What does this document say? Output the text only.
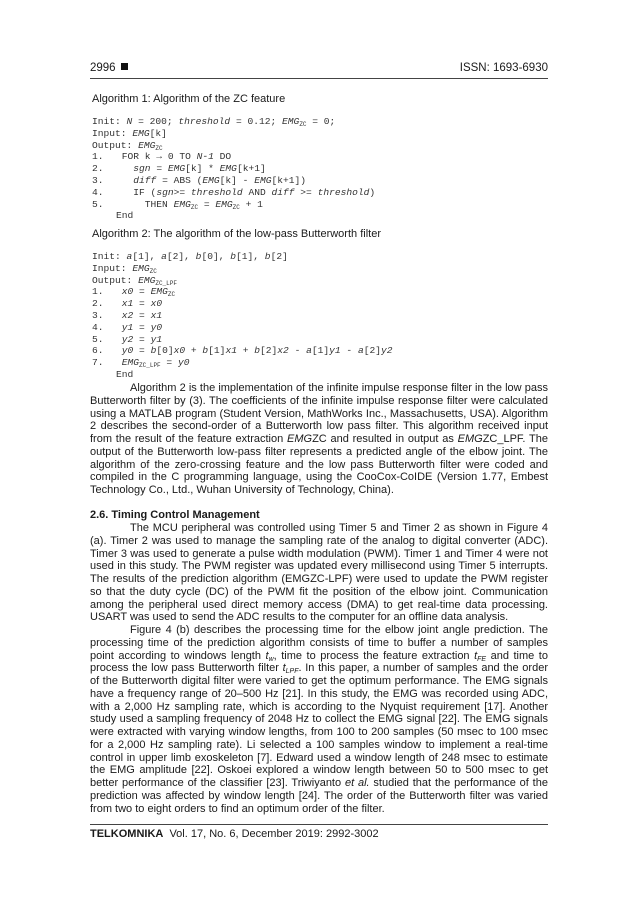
2996	ISSN: 1693-6930
Algorithm 1: Algorithm of the ZC feature
Init: N = 200; threshold = 0.12; $EMG_{ZC} = 0$;
Input: EMG[k]
Output: $EMG_{ZC}$
1. FOR k → 0 TO N-1 DO
2.	sgn = EMG[k] * EMG[k+1]
3.	diff = ABS (EMG[k] - EMG[k+1])
4.   IF (sgn>= threshold AND diff >= threshold)
5.     THEN $EMG_{ZC} = EMG_{ZC} + 1$
End
Algorithm 2: The algorithm of the low-pass Butterworth filter
Init: a[1], a[2], b[0], b[1], b[2]
Input: $EMG_{ZC}$
Output: $EMG_{ZC\_LPF}$
1. $x0 = EMG_{ZC}$
2. x1 = x0
3. x2 = x1
4. y1 = y0
5. y2 = y1
6. y0 = b[0]x0 + b[1]x1 + b[2]x2 - a[1]y1 - a[2]y2
7. $EMG_{ZC\_LPF} = y0$
End

Algorithm 2 is the implementation of the infinite impulse response filter in the low pass Butterworth filter by (3). The coefficients of the infinite impulse response filter were calculated using a MATLAB program (Student Version, MathWorks Inc., Massachusetts, USA). Algorithm 2 describes the second-order of a Butterworth low pass filter. This algorithm received input from the result of the feature extraction EMGZC and resulted in output as EMGZC_LPF. The output of the Butterworth low-pass filter represents a predicted angle of the elbow joint. The algorithm of the zero-crossing feature and the low pass Butterworth filter were coded and compiled in the C programming language, using the CooCox-CoIDE (Version 1.77, Embest Technology Co., Ltd., Wuhan University of Technology, China).

2.6. Timing Control Management

The MCU peripheral was controlled using Timer 5 and Timer 2 as shown in Figure 4 (a). Timer 2 was used to manage the sampling rate of the analog to digital converter (ADC). Timer 3 was used to generate a pulse width modulation (PWM). Timer 1 and Timer 4 were not used in this study. The PWM register was updated every millisecond using Timer 5 interrupts. The results of the prediction algorithm (EMGZC-LPF) were used to update the PWM register so that the duty cycle (DC) of the PWM fit the position of the elbow joint. Communication among the peripheral used direct memory access (DMA) to get real-time data processing. USART was used to send the ADC results to the computer for an offline data analysis.

Figure 4 (b) describes the processing time for the elbow joint angle prediction. The processing time of the prediction algorithm consists of time to buffer a number of samples point according to windows length $t_w$, time to process the feature extraction $t_{FE}$ and time to process the low pass Butterworth filter $t_{LPF}$. In this paper, a number of samples and the order of the Butterworth digital filter were varied to get the optimum performance. The EMG signals have a frequency range of 20–500 Hz [21]. In this study, the EMG was recorded using ADC, with a 2,000 Hz sampling rate, which is according to the Nyquist requirement [17]. Another study used a sampling frequency of 2048 Hz to collect the EMG signal [22]. The EMG signals were extracted with varying window lengths, from 100 to 200 samples (50 msec to 100 msec for a 2,000 Hz sampling rate). Li selected a 100 samples window to implement a real-time control in upper limb exoskeleton [7]. Edward used a window length of 248 msec to estimate the EMG amplitude [22]. Oskoei explored a window length between 50 to 500 msec to get better performance of the classifier [23]. Triwiyanto et al. studied that the performance of the prediction was affected by window length [24]. The order of the Butterworth filter was varied from two to eight orders to find an optimum order of the filter.

TELKOMNIKA Vol. 17, No. 6, December 2019: 2992-3002
